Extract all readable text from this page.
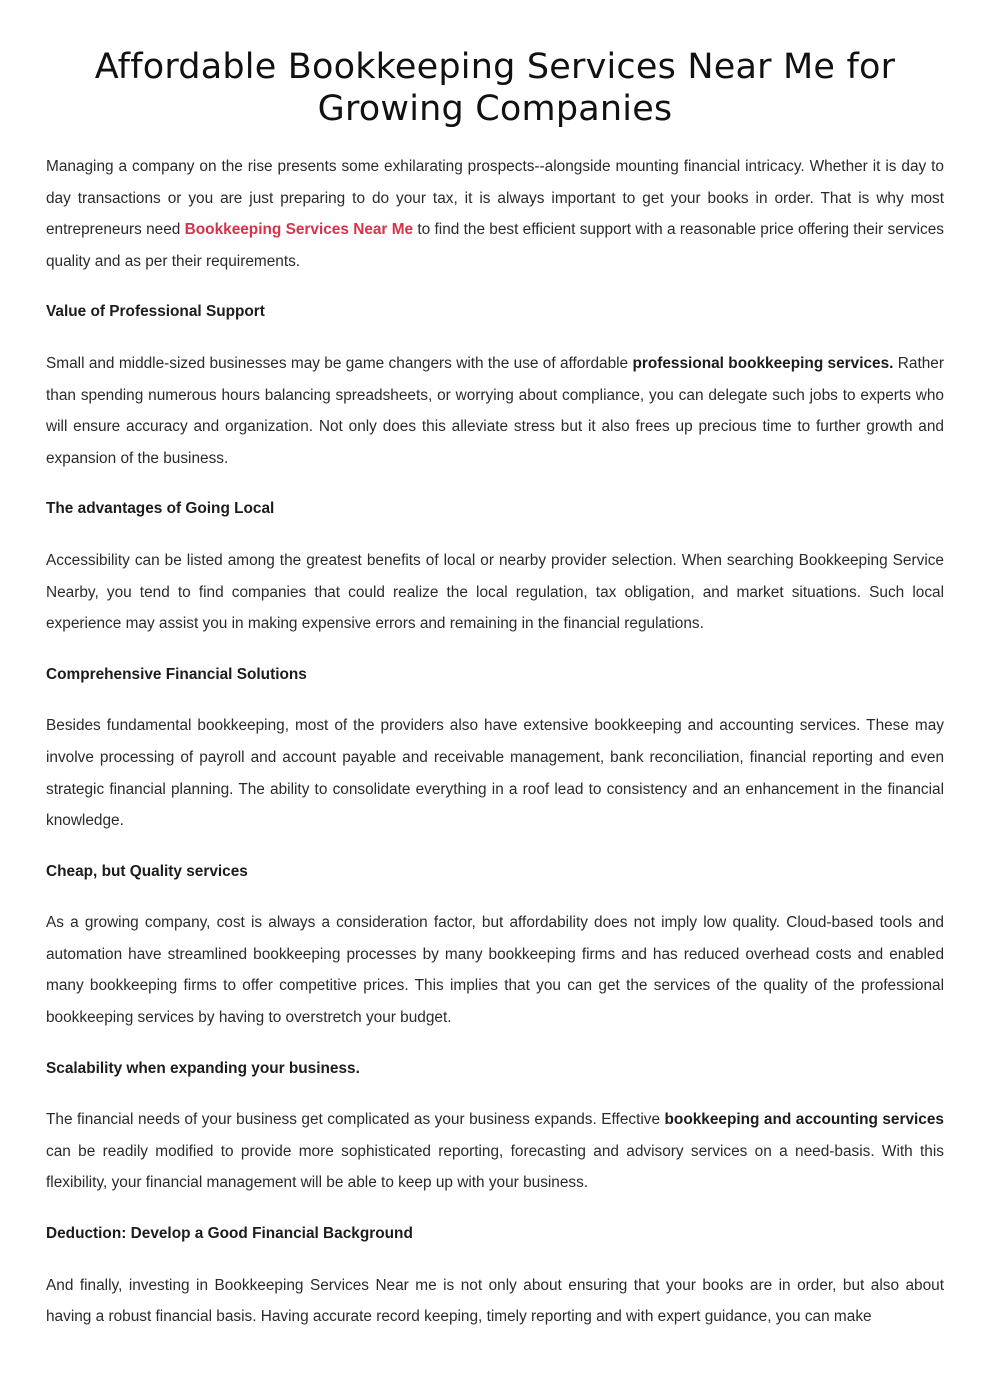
Affordable Bookkeeping Services Near Me for Growing Companies

Managing a company on the rise presents some exhilarating prospects--alongside mounting financial intricacy. Whether it is day to day transactions or you are just preparing to do your tax, it is always important to get your books in order. That is why most entrepreneurs need Bookkeeping Services Near Me to find the best efficient support with a reasonable price offering their services quality and as per their requirements.

Value of Professional Support

Small and middle-sized businesses may be game changers with the use of affordable professional bookkeeping services. Rather than spending numerous hours balancing spreadsheets, or worrying about compliance, you can delegate such jobs to experts who will ensure accuracy and organization. Not only does this alleviate stress but it also frees up precious time to further growth and expansion of the business.

The advantages of Going Local

Accessibility can be listed among the greatest benefits of local or nearby provider selection. When searching Bookkeeping Service Nearby, you tend to find companies that could realize the local regulation, tax obligation, and market situations. Such local experience may assist you in making expensive errors and remaining in the financial regulations.

Comprehensive Financial Solutions

Besides fundamental bookkeeping, most of the providers also have extensive bookkeeping and accounting services. These may involve processing of payroll and account payable and receivable management, bank reconciliation, financial reporting and even strategic financial planning. The ability to consolidate everything in a roof lead to consistency and an enhancement in the financial knowledge.

Cheap, but Quality services

As a growing company, cost is always a consideration factor, but affordability does not imply low quality. Cloud-based tools and automation have streamlined bookkeeping processes by many bookkeeping firms and has reduced overhead costs and enabled many bookkeeping firms to offer competitive prices. This implies that you can get the services of the quality of the professional bookkeeping services by having to overstretch your budget.

Scalability when expanding your business.

The financial needs of your business get complicated as your business expands. Effective bookkeeping and accounting services can be readily modified to provide more sophisticated reporting, forecasting and advisory services on a need-basis. With this flexibility, your financial management will be able to keep up with your business.

Deduction: Develop a Good Financial Background

And finally, investing in Bookkeeping Services Near me is not only about ensuring that your books are in order, but also about having a robust financial basis. Having accurate record keeping, timely reporting and with expert guidance, you can make
